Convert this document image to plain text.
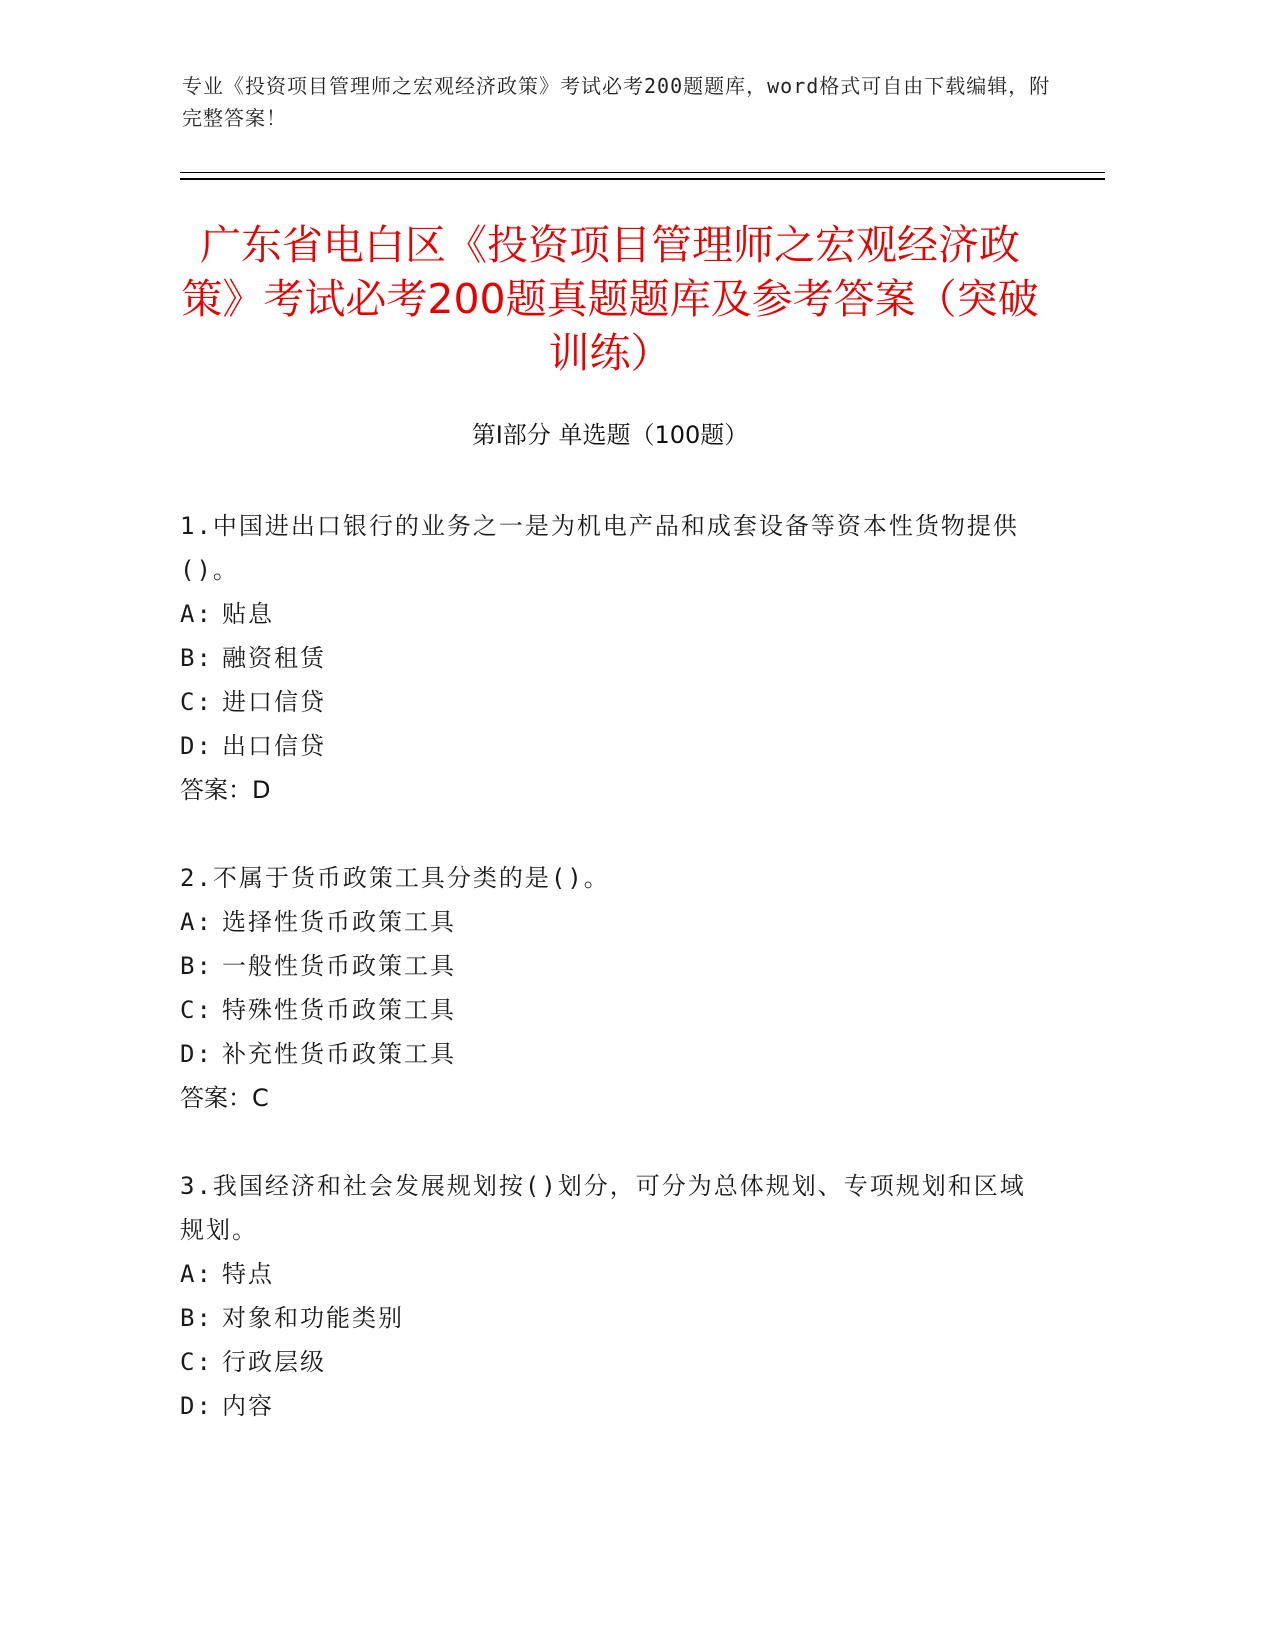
专业《投资项目管理师之宏观经济政策》考试必考200题题库，word格式可自由下载编辑，附完整答案！
广东省电白区《投资项目管理师之宏观经济政策》考试必考200题真题题库及参考答案（突破训练）
第I部分 单选题（100题）
1.中国进出口银行的业务之一是为机电产品和成套设备等资本性货物提供()。
A: 贴息
B: 融资租赁
C: 进口信贷
D: 出口信贷
答案：D
2.不属于货币政策工具分类的是()。
A: 选择性货币政策工具
B: 一般性货币政策工具
C: 特殊性货币政策工具
D: 补充性货币政策工具
答案：C
3.我国经济和社会发展规划按()划分，可分为总体规划、专项规划和区域规划。
A: 特点
B: 对象和功能类别
C: 行政层级
D: 内容
